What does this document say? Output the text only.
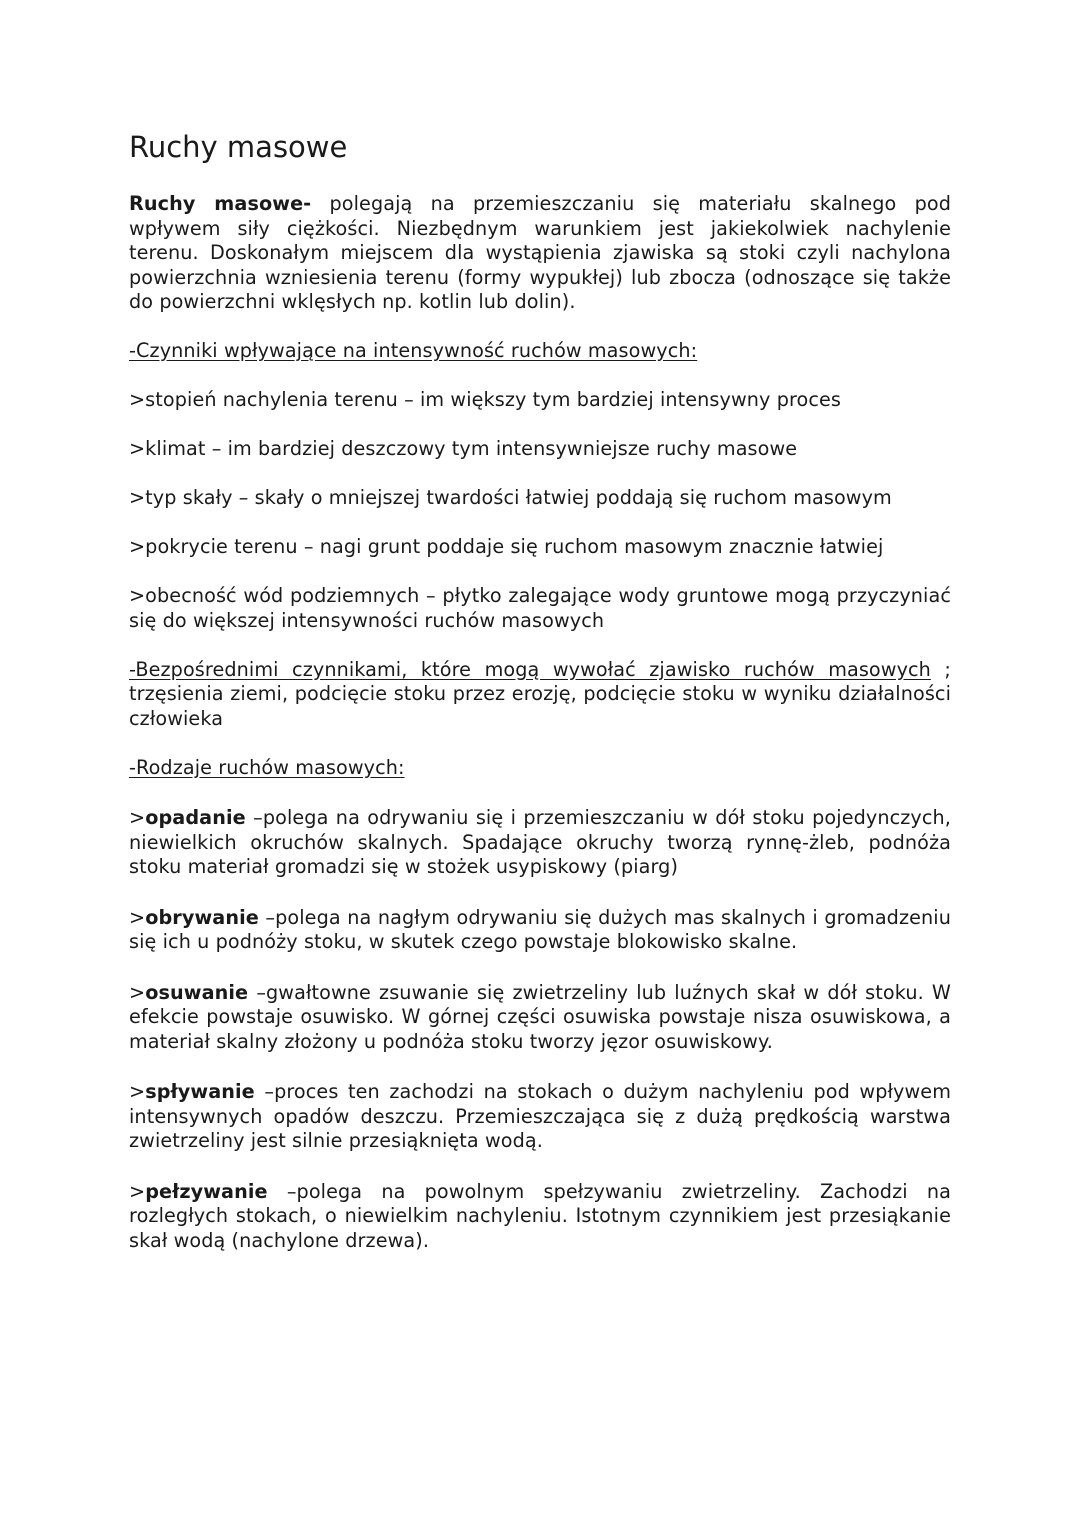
Ruchy masowe

Ruchy masowe- polegają na przemieszczaniu się materiału skalnego pod wpływem siły ciężkości. Niezbędnym warunkiem jest jakiekolwiek nachylenie terenu. Doskonałym miejscem dla wystąpienia zjawiska są stoki czyli nachylona powierzchnia wzniesienia terenu (formy wypukłej) lub zbocza (odnoszące się także do powierzchni wklęsłych np. kotlin lub dolin).

-Czynniki wpływające na intensywność ruchów masowych:

>stopień nachylenia terenu – im większy tym bardziej intensywny proces

>klimat – im bardziej deszczowy tym intensywniejsze ruchy masowe

>typ skały – skały o mniejszej twardości łatwiej poddają się ruchom masowym

>pokrycie terenu – nagi grunt poddaje się ruchom masowym znacznie łatwiej

>obecność wód podziemnych – płytko zalegające wody gruntowe mogą przyczyniać się do większej intensywności ruchów masowych

-Bezpośrednimi czynnikami, które mogą wywołać zjawisko ruchów masowych ; trzęsienia ziemi, podcięcie stoku przez erozję, podcięcie stoku w wyniku działalności człowieka

-Rodzaje ruchów masowych:

>opadanie –polega na odrywaniu się i przemieszczaniu w dół stoku pojedynczych, niewielkich okruchów skalnych. Spadające okruchy tworzą rynnę-żleb, podnóża stoku materiał gromadzi się w stożek usypiskowy (piarg)

>obrywanie –polega na nagłym odrywaniu się dużych mas skalnych i gromadzeniu się ich u podnóży stoku, w skutek czego powstaje blokowisko skalne.

>osuwanie –gwałtowne zsuwanie się zwietrzeliny lub luźnych skał w dół stoku. W efekcie powstaje osuwisko. W górnej części osuwiska powstaje nisza osuwiskowa, a materiał skalny złożony u podnóża stoku tworzy jęzor osuwiskowy.

>spływanie –proces ten zachodzi na stokach o dużym nachyleniu pod wpływem intensywnych opadów deszczu. Przemieszczająca się z dużą prędkością warstwa zwietrzeliny jest silnie przesiąknięta wodą.

>pełzywanie –polega na powolnym spełzywaniu zwietrzeliny. Zachodzi na rozległych stokach, o niewielkim nachyleniu. Istotnym czynnikiem jest przesiąkanie skał wodą (nachylone drzewa).
